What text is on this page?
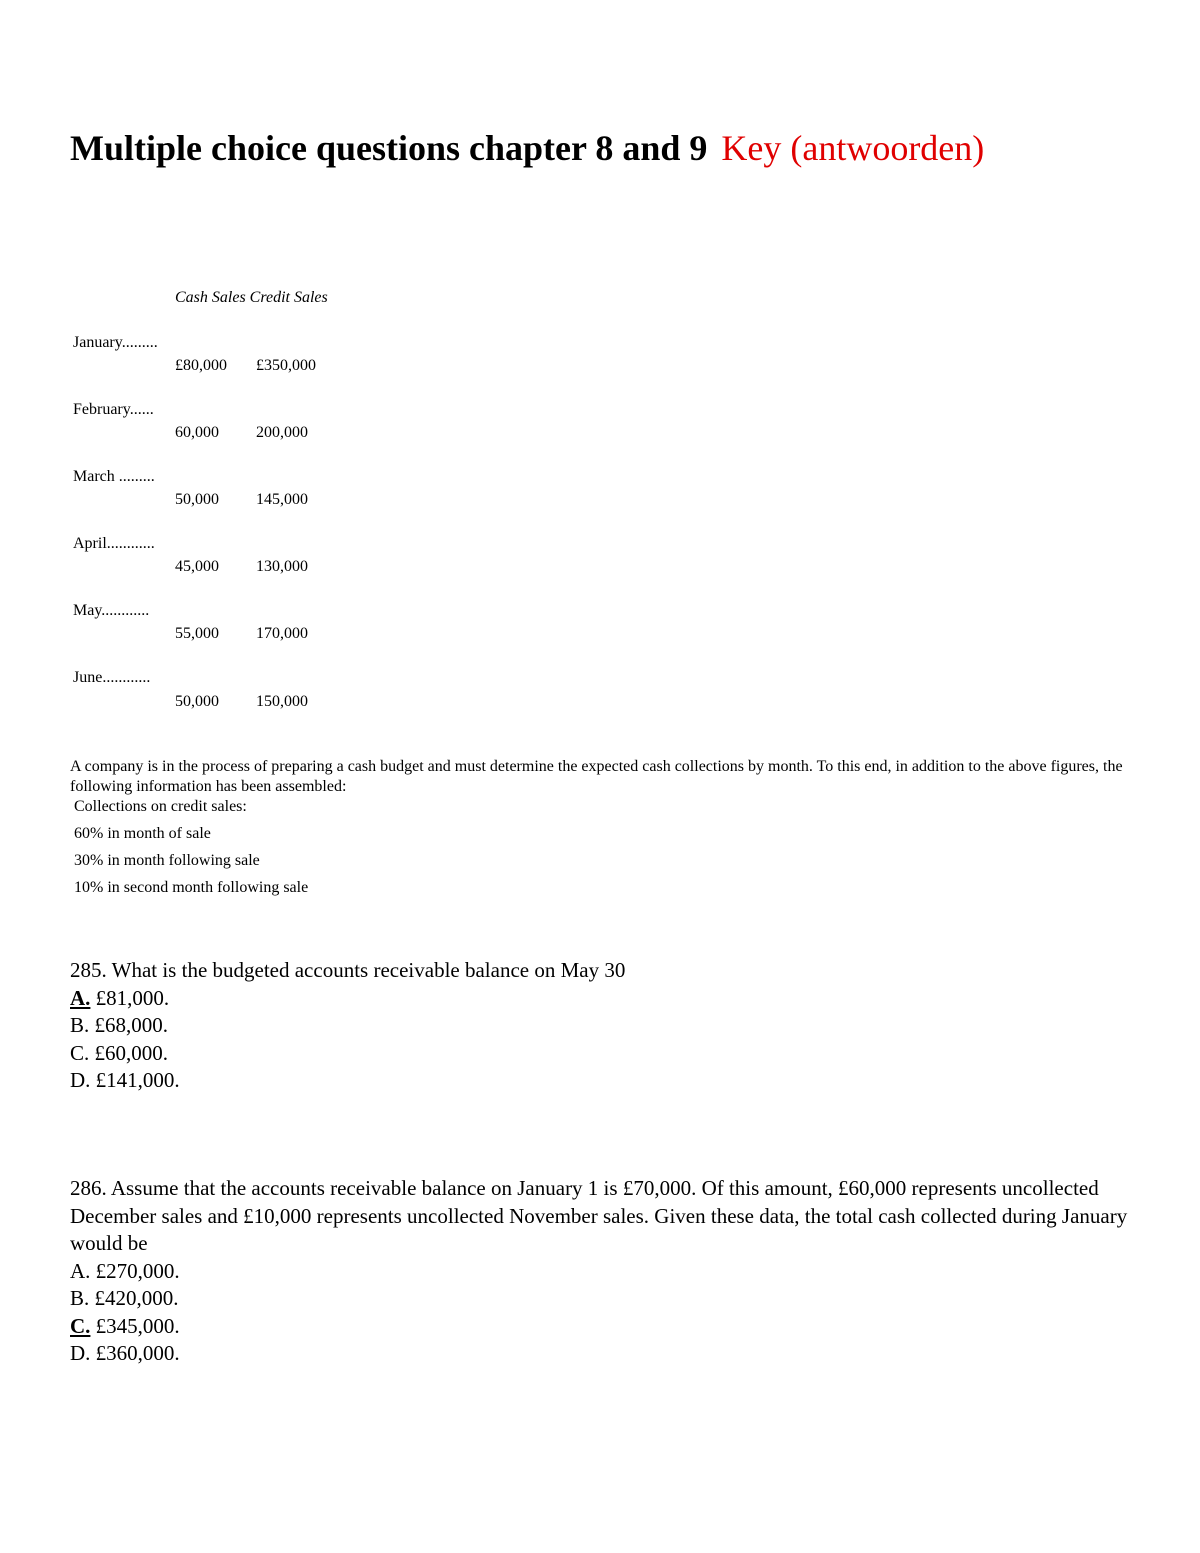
Multiple choice questions chapter 8 and 9 Key (antwoorden)
Cash Sales Credit Sales
January.........
£80,000 £350,000
February......
60,000 200,000
March .........
50,000 145,000
April............
45,000 130,000
May............
55,000 170,000
June............
50,000 150,000
A company is in the process of preparing a cash budget and must determine the expected cash collections by month. To this end, in addition to the above figures, the following information has been assembled:
Collections on credit sales:
60% in month of sale
30% in month following sale
10% in second month following sale
285. What is the budgeted accounts receivable balance on May 30
A. £81,000.
B. £68,000.
C. £60,000.
D. £141,000.
286. Assume that the accounts receivable balance on January 1 is £70,000. Of this amount, £60,000 represents uncollected December sales and £10,000 represents uncollected November sales. Given these data, the total cash collected during January would be
A. £270,000.
B. £420,000.
C. £345,000.
D. £360,000.
